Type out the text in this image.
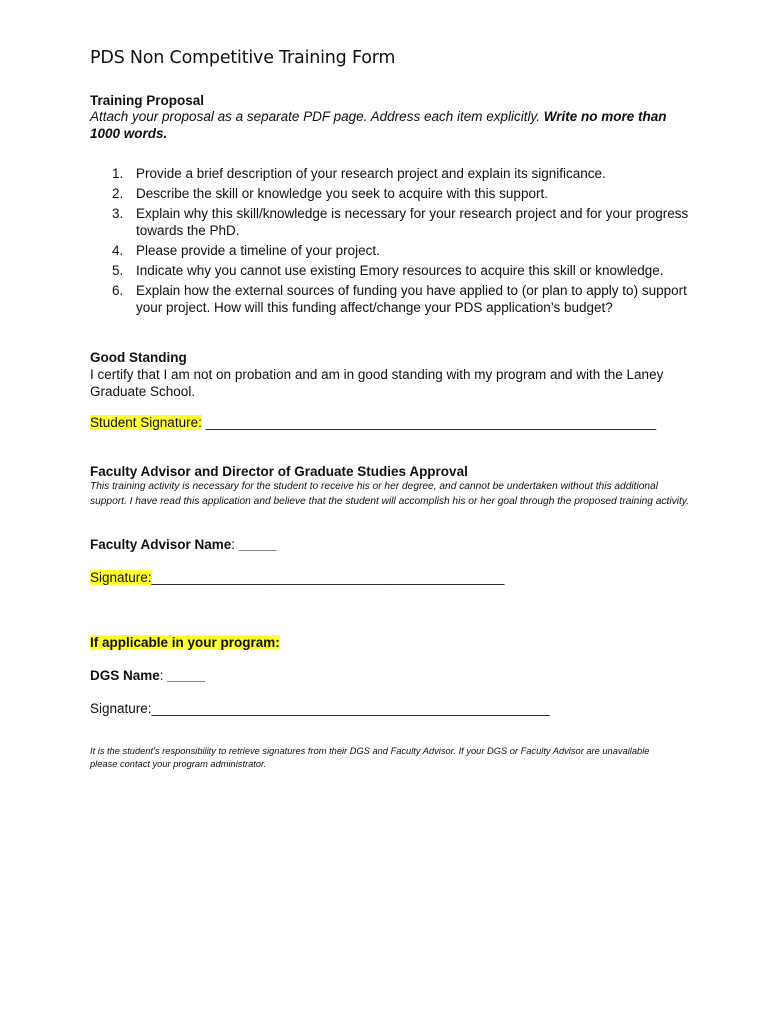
PDS Non Competitive Training Form
Training Proposal
Attach your proposal as a separate PDF page. Address each item explicitly. Write no more than 1000 words.
1. Provide a brief description of your research project and explain its significance.
2. Describe the skill or knowledge you seek to acquire with this support.
3. Explain why this skill/knowledge is necessary for your research project and for your progress towards the PhD.
4. Please provide a timeline of your project.
5. Indicate why you cannot use existing Emory resources to acquire this skill or knowledge.
6. Explain how the external sources of funding you have applied to (or plan to apply to) support your project. How will this funding affect/change your PDS application’s budget?
Good Standing
I certify that I am not on probation and am in good standing with my program and with the Laney Graduate School.
Student Signature: ____________________________________________________________
Faculty Advisor and Director of Graduate Studies Approval
This training activity is necessary for the student to receive his or her degree, and cannot be undertaken without this additional support. I have read this application and believe that the student will accomplish his or her goal through the proposed training activity.
Faculty Advisor Name: _____
Signature:_______________________________________________
If applicable in your program:
DGS Name: _____
Signature:_____________________________________________________
It is the student’s responsibility to retrieve signatures from their DGS and Faculty Advisor. If your DGS or Faculty Advisor are unavailable please contact your program administrator.
